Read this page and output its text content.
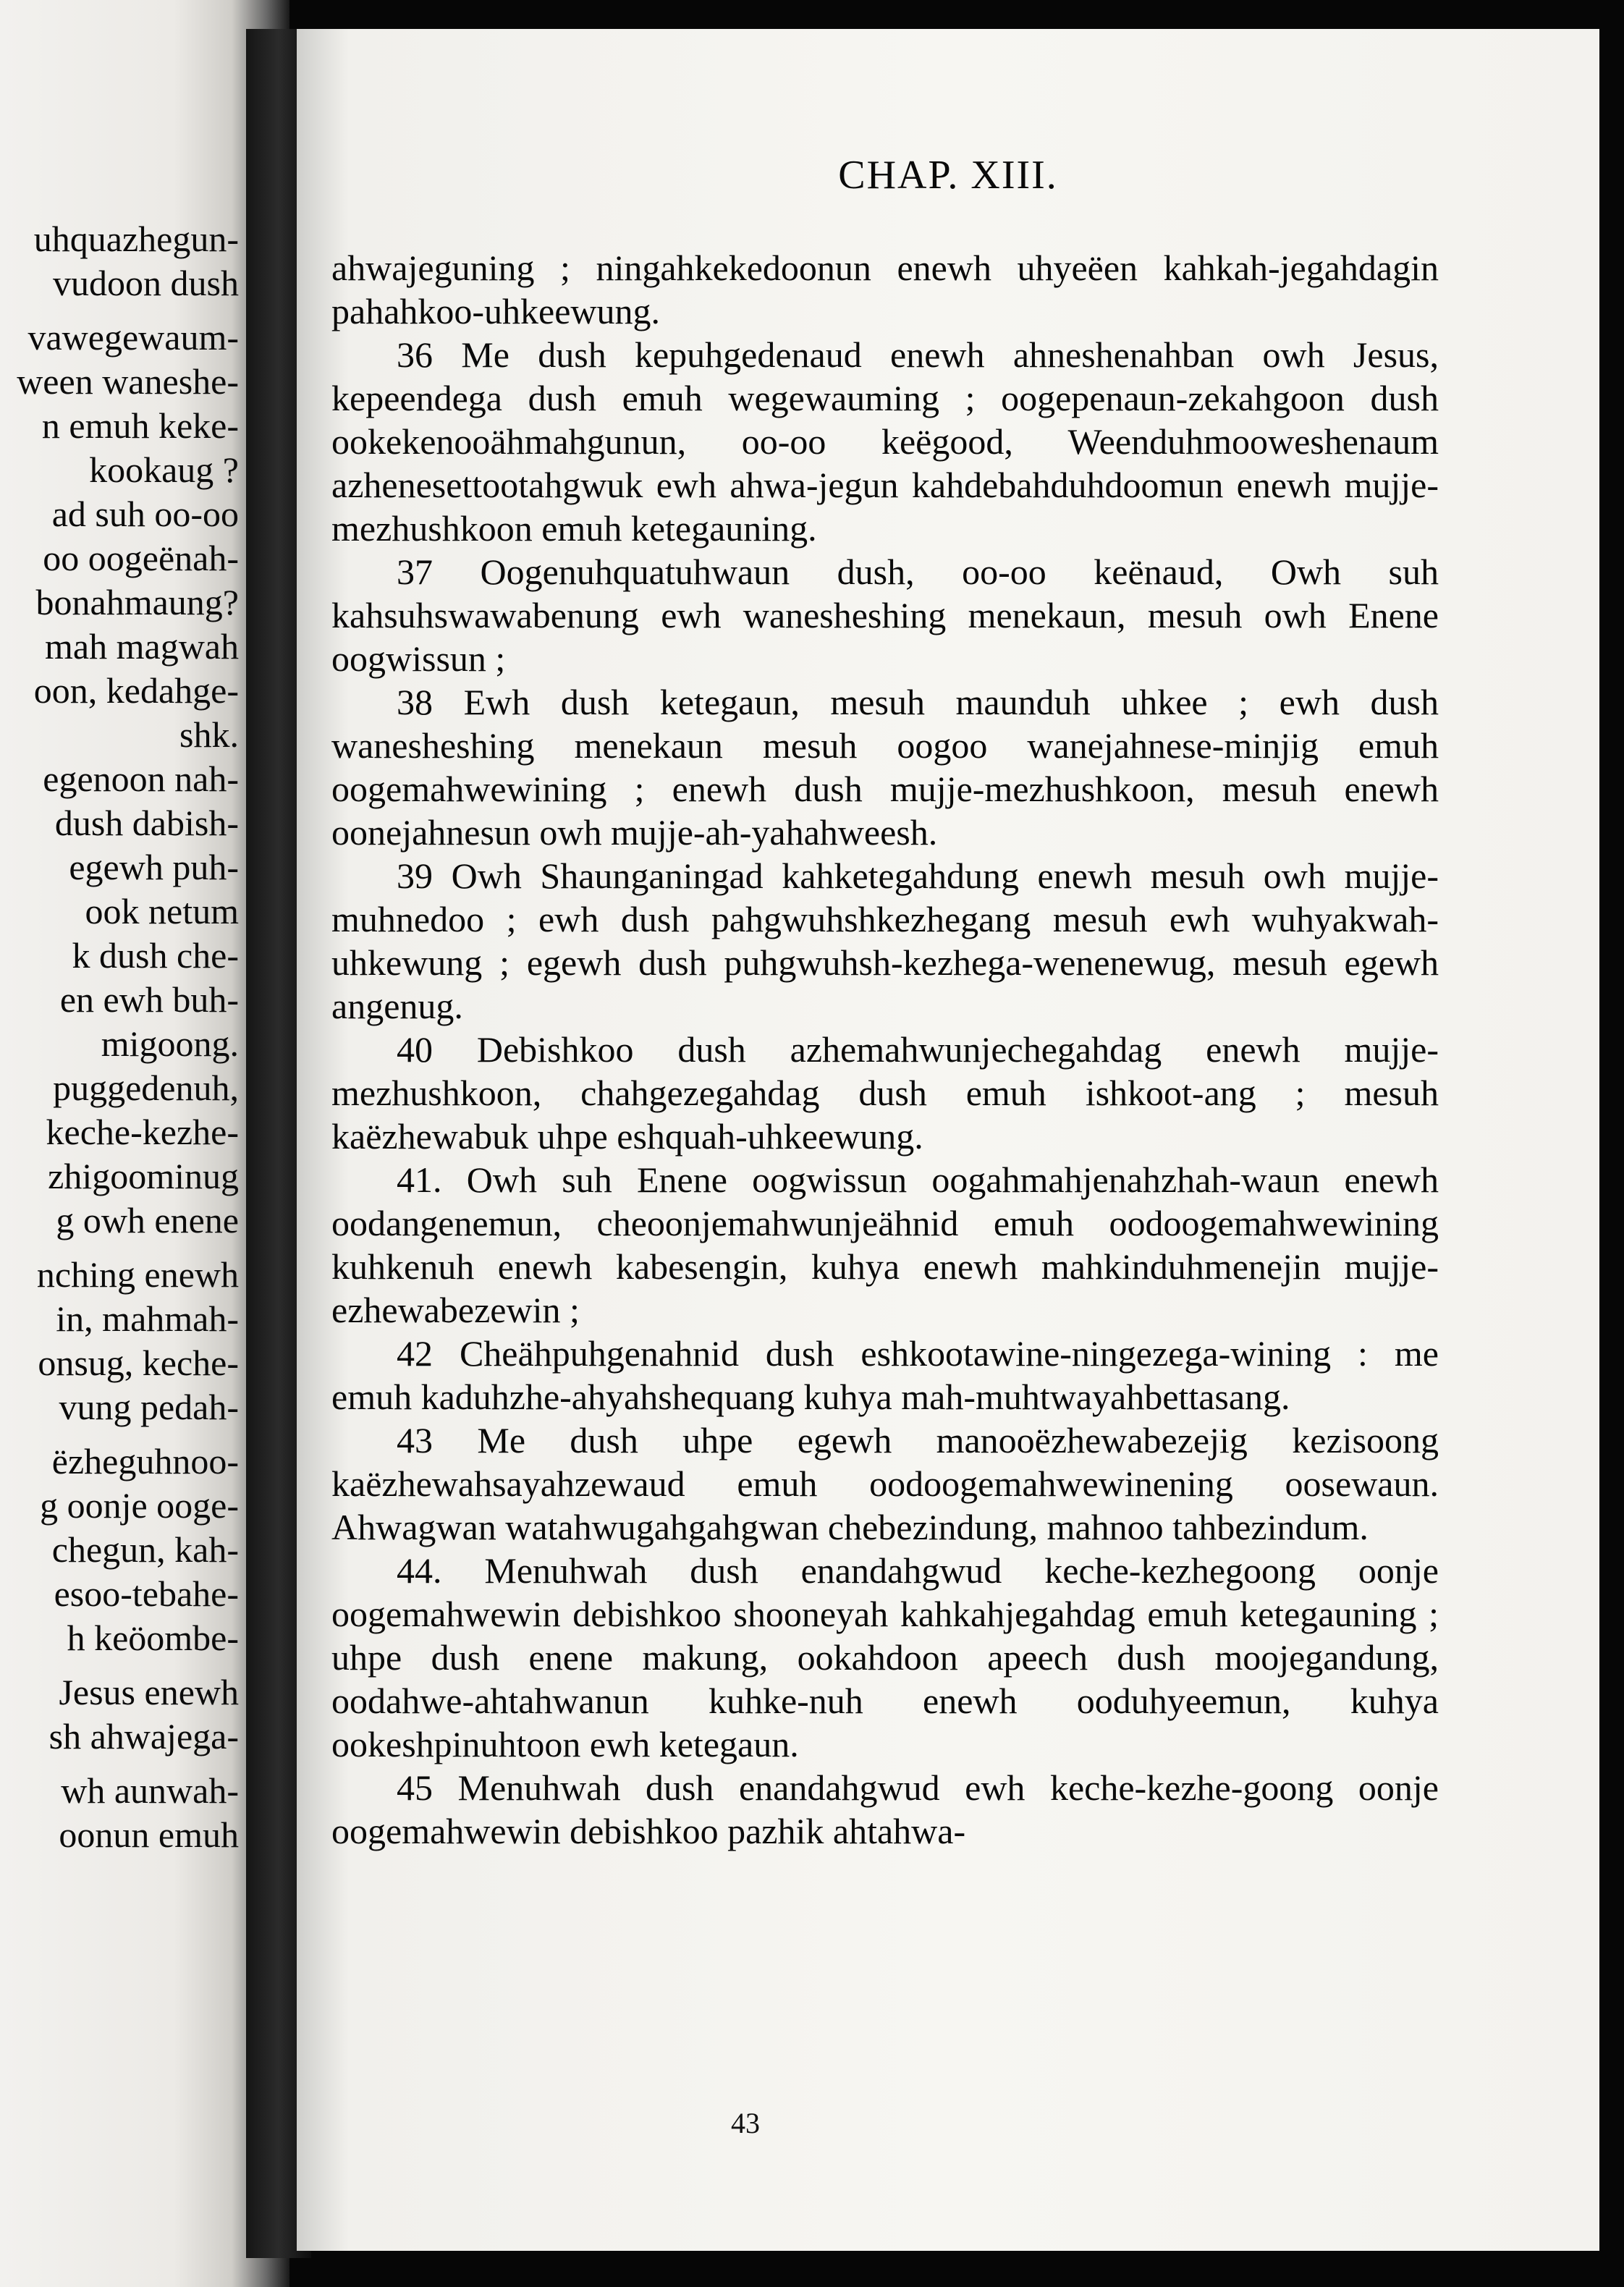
uhquazhegun-
vudoon dush
vawegewaum-
ween waneshe-
n emuh keke-
kookaug ?
ad suh oo-oo
oo oogeënah-
bonahmaung?
mah magwah
oon, kedahge-
shk.
egenoon nah-
dush dabish-
egewh puh-
ook netum
k dush che-
en ewh buh-
migoong.
puggedenuh,
keche-kezhe-
zhigoominug
g owh enene
nching enewh
in, mahmah-
onsug, keche-
vung pedah-
ëzheguhnoo-
g oonje ooge-
chegun, kah-
esoo-tebahe-
h keöombe-
Jesus enewh
sh ahwajega-
wh aunwah-
oonun emuh
CHAP. XIII.

ahwajeguning ; ningahkekedoonun enewh uhyeëen kahkah-jegahdagin pahahkoo-uhkeewung.

36 Me dush kepuhgedenaud enewh ahneshenahban owh Jesus, kepeendega dush emuh wegewauming ; oogepenaun-zekahgoon dush ookekenooähmahgunun, oo-oo keëgood, Weenduhmooweshenaum azhenesettootahgwuk ewh ahwa-jegun kahdebahduhdoomun enewh mujje-mezhushkoon emuh ketegauning.

37 Oogenuhquatuhwaun dush, oo-oo keënaud, Owh suh kahsuhswawabenung ewh wanesheshing menekaun, mesuh owh Enene oogwissun ;

38 Ewh dush ketegaun, mesuh maunduh uhkee ; ewh dush wanesheshing menekaun mesuh oogoo wanejahnese-minjig emuh oogemahwewining ; enewh dush mujje-mezhushkoon, mesuh enewh oonejahnesun owh mujje-ah-yahahweesh.

39 Owh Shaunganingad kahketegahdung enewh mesuh owh mujje-muhnedoo ; ewh dush pahgwuhshkezhegang mesuh ewh wuhyakwah-uhkewung ; egewh dush puhgwuhsh-kezhega-wenenewug, mesuh egewh angenug.

40 Debishkoo dush azhemahwunjechegahdag enewh mujje-mezhushkoon, chahgezegahdag dush emuh ishkoot-ang ; mesuh kaëzhewabuk uhpe eshquah-uhkeewung.

41. Owh suh Enene oogwissun oogahmahjenahzhah-waun enewh oodangenemun, cheoonjemahwunjeähnid emuh oodoogemahwewining kuhkenuh enewh kabesengin, kuhya enewh mahkinduhmenejin mujje-ezhewabezewin ;

42 Cheähpuhgenahnid dush eshkootawine-ningezega-wining : me emuh kaduhzhe-ahyahshequang kuhya mah-muhtwayahbettasang.

43 Me dush uhpe egewh manooëzhewabezejig kezisoong kaëzhewahsayahzewaud emuh oodoogemahwewinening oosewaun. Ahwagwan watahwugahgahgwan chebezindung, mahnoo tahbezindum.

44. Menuhwah dush enandahgwud keche-kezhegoong oonje oogemahwewin debishkoo shooneyah kahkahjegahdag emuh ketegauning ; uhpe dush enene makung, ookahdoon apeech dush moojegandung, oodahwe-ahtahwanun kuhke-nuh enewh ooduhyeemun, kuhya ookeshpinuhtoon ewh ketegaun.

45 Menuhwah dush enandahgwud ewh keche-kezhe-goong oonje oogemahwewin debishkoo pazhik ahtahwa-

43
